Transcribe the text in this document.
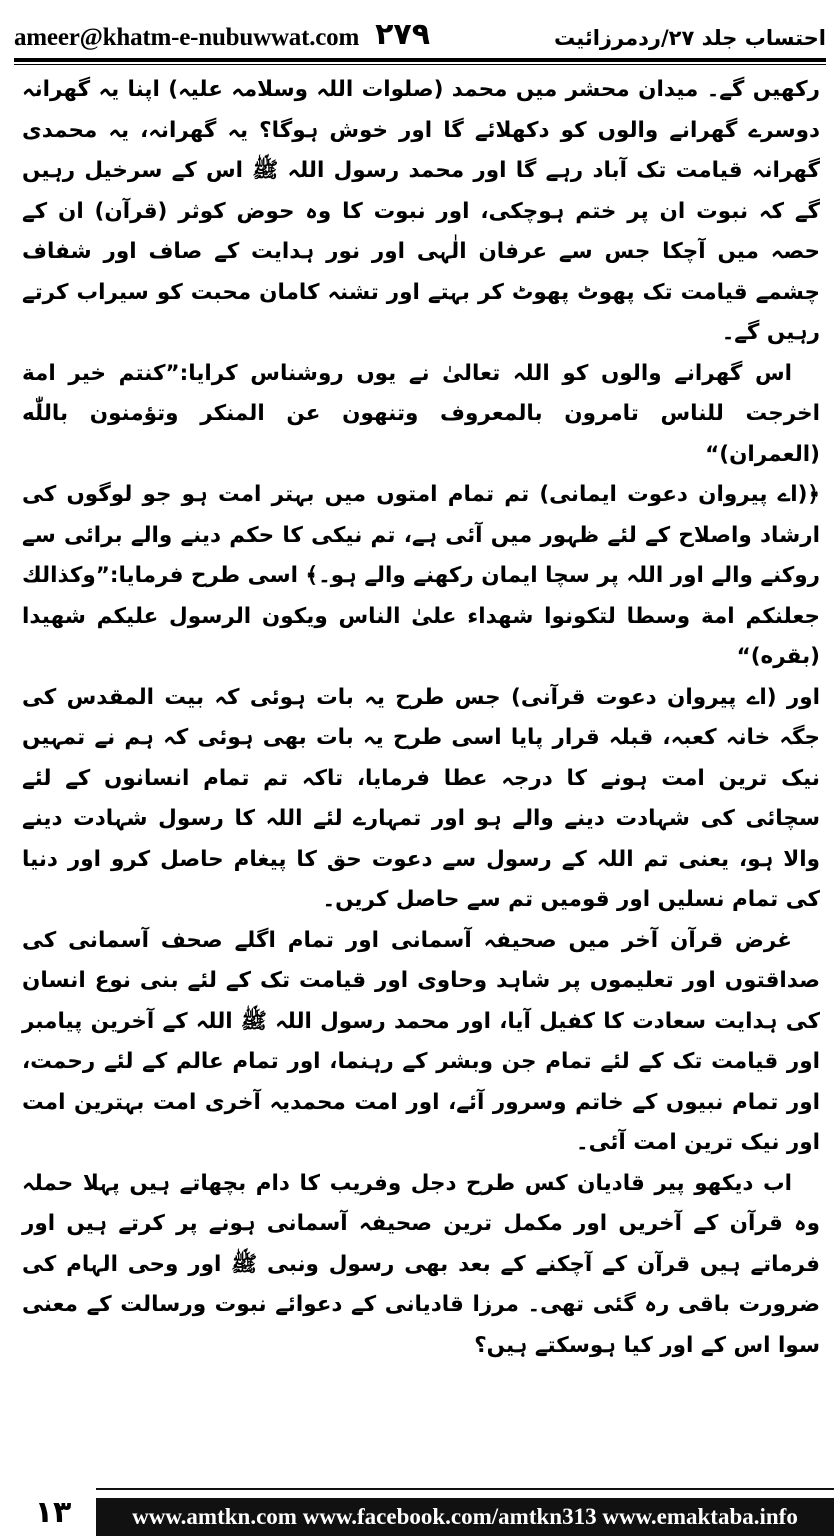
ameer@khatm-e-nubuwwat.com ۲۷۹	احتساب جلد ۲۷/ردمرزائیت

رکھیں گے۔ میدان محشر میں محمد (صلوات اللہ وسلامہ علیہ) اپنا یہ گھرانہ دوسرے گھرانے والوں کو دکھلائے گا اور خوش ہوگا؟ یہ گھرانہ، یہ محمدی گھرانہ قیامت تک آباد رہے گا اور محمد رسول اللہ ﷺ اس کے سرخیل رہیں گے کہ نبوت ان پر ختم ہوچکی، اور نبوت کا وہ حوض کوثر (قرآن) ان کے حصہ میں آچکا جس سے عرفان الٰہی اور نور ہدایت کے صاف اور شفاف چشمے قیامت تک پھوٹ پھوٹ کر بہتے اور تشنہ کامان محبت کو سیراب کرتے رہیں گے۔

اس گھرانے والوں کو اللہ تعالیٰ نے یوں روشناس کرایا:”کنتم خیر امة اخرجت للناس تامرون بالمعروف وتنهون عن المنكر وتؤمنون باللّٰه (العمران)“

﴿(اے پیروان دعوت ایمانی) تم تمام امتوں میں بہتر امت ہو جو لوگوں کی ارشاد واصلاح کے لئے ظہور میں آئی ہے، تم نیکی کا حکم دینے والے برائی سے روکنے والے اور اللہ پر سچا ایمان رکھنے والے ہو۔﴾ اسی طرح فرمایا:”وكذالك جعلنكم امة وسطا لتكونوا شهداء علىٰ الناس ويكون الرسول عليكم شهيدا (بقره)“

اور (اے پیروان دعوت قرآنی) جس طرح یہ بات ہوئی کہ بیت المقدس کی جگہ خانہ کعبہ، قبلہ قرار پایا اسی طرح یہ بات بھی ہوئی کہ ہم نے تمہیں نیک ترین امت ہونے کا درجہ عطا فرمایا، تاکہ تم تمام انسانوں کے لئے سچائی کی شہادت دینے والے ہو اور تمہارے لئے اللہ کا رسول شہادت دینے والا ہو، یعنی تم اللہ کے رسول سے دعوت حق کا پیغام حاصل کرو اور دنیا کی تمام نسلیں اور قومیں تم سے حاصل کریں۔

غرض قرآن آخر میں صحیفہ آسمانی اور تمام اگلے صحف آسمانی کی صداقتوں اور تعلیموں پر شاہد وحاوی اور قیامت تک کے لئے بنی نوع انسان کی ہدایت سعادت کا کفیل آیا، اور محمد رسول اللہ ﷺ اللہ کے آخرین پیامبر اور قیامت تک کے لئے تمام جن وبشر کے رہنما، اور تمام عالم کے لئے رحمت، اور تمام نبیوں کے خاتم وسرور آئے، اور امت محمدیہ آخری امت بہترین امت اور نیک ترین امت آئی۔

اب دیکھو پیر قادیان کس طرح دجل وفریب کا دام بچھاتے ہیں پہلا حملہ وہ قرآن کے آخریں اور مکمل ترین صحیفہ آسمانی ہونے پر کرتے ہیں اور فرماتے ہیں قرآن کے آچکنے کے بعد بھی رسول ونبی ﷺ اور وحی الہام کی ضرورت باقی رہ گئی تھی۔ مرزا قادیانی کے دعوائے نبوت ورسالت کے معنی سوا اس کے اور کیا ہوسکتے ہیں؟

۱۳	www.amtkn.com www.facebook.com/amtkn313 www.emaktaba.info
